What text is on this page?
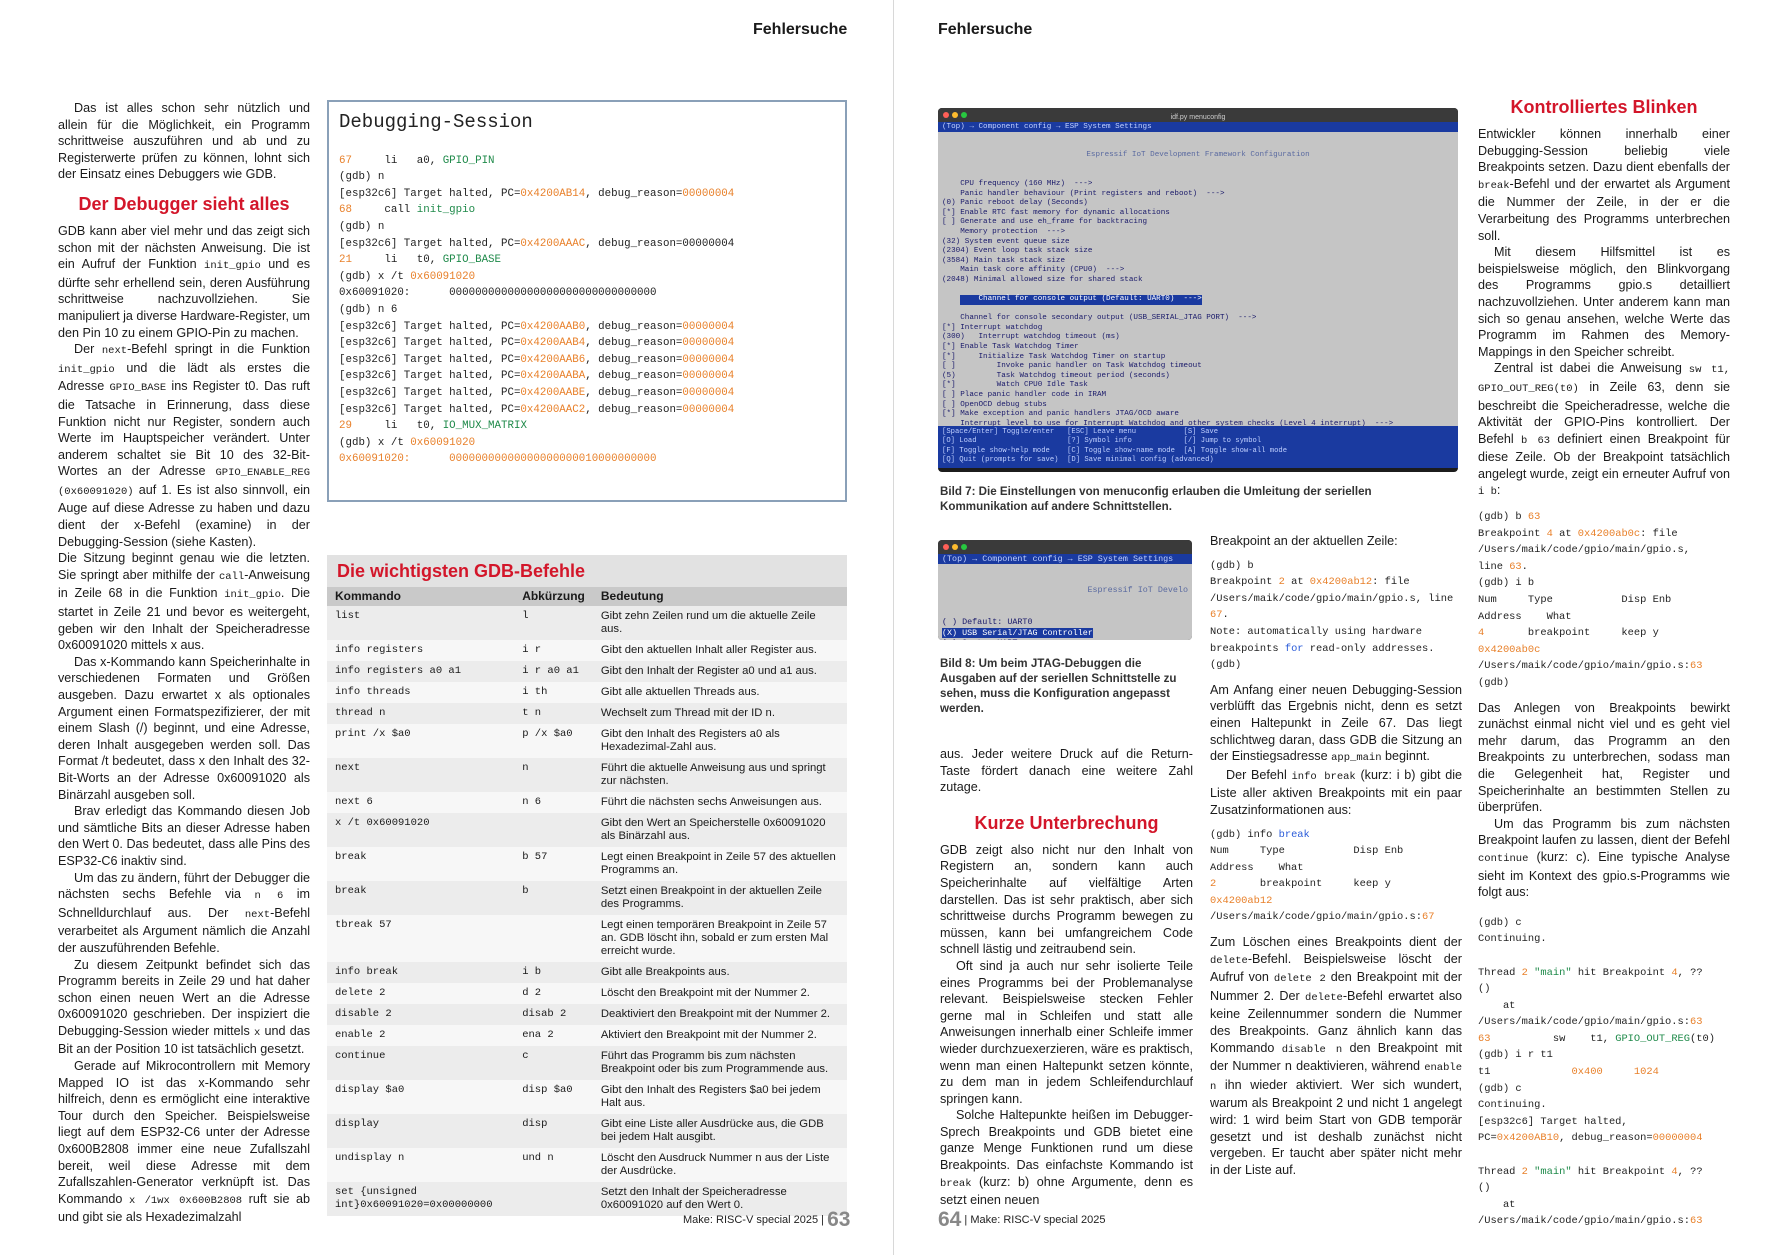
Fehlersuche

Das ist alles schon sehr nützlich und allein für die Möglichkeit, ein Programm schrittweise auszuführen und ab und zu Registerwerte prüfen zu können, lohnt sich der Einsatz eines Debuggers wie GDB.

Der Debugger sieht alles

GDB kann aber viel mehr und das zeigt sich schon mit der nächsten Anweisung. Die ist ein Aufruf der Funktion init_gpio und es dürfte sehr erhellend sein, deren Ausführung schrittweise nachzuvollziehen. Sie manipuliert ja diverse Hardware-Register, um den Pin 10 zu einem GPIO-Pin zu machen.

Der next-Befehl springt in die Funktion init_gpio und die lädt als erstes die Adresse GPIO_BASE ins Register t0. Das ruft die Tatsache in Erinnerung, dass diese Funktion nicht nur Register, sondern auch Werte im Hauptspeicher verändert. Unter anderem schaltet sie Bit 10 des 32-Bit-Wortes an der Adresse GPIO_ENABLE_REG (0x60091020) auf 1. Es ist also sinnvoll, ein Auge auf diese Adresse zu haben und dazu dient der x-Befehl (examine) in der Debugging-Session (siehe Kasten).

Die Sitzung beginnt genau wie die letzten. Sie springt aber mithilfe der call-Anweisung in Zeile 68 in die Funktion init_gpio. Die startet in Zeile 21 und bevor es weitergeht, geben wir den Inhalt der Speicheradresse 0x60091020 mittels x aus.

Das x-Kommando kann Speicherinhalte in verschiedenen Formaten und Größen ausgeben. Dazu erwartet x als optionales Argument einen Formatspezifizierer, der mit einem Slash (/) beginnt, und eine Adresse, deren Inhalt ausgegeben werden soll. Das Format /t bedeutet, dass x den Inhalt des 32-Bit-Worts an der Adresse 0x60091020 als Binärzahl ausgeben soll.

Brav erledigt das Kommando diesen Job und sämtliche Bits an dieser Adresse haben den Wert 0. Das bedeutet, dass alle Pins des ESP32-C6 inaktiv sind.

Um das zu ändern, führt der Debugger die nächsten sechs Befehle via n 6 im Schnelldurchlauf aus. Der next-Befehl verarbeitet als Argument nämlich die Anzahl der auszuführenden Befehle.

Zu diesem Zeitpunkt befindet sich das Programm bereits in Zeile 29 und hat daher schon einen neuen Wert an die Adresse 0x60091020 geschrieben. Der inspiziert die Debugging-Session wieder mittels x und das Bit an der Position 10 ist tatsächlich gesetzt.

Gerade auf Mikrocontrollern mit Memory Mapped IO ist das x-Kommando sehr hilfreich, denn es ermöglicht eine interaktive Tour durch den Speicher. Beispielsweise liegt auf dem ESP32-C6 unter der Adresse 0x600B2808 immer eine neue Zufallszahl bereit, weil diese Adresse mit dem Zufallszahlen-Generator verknüpft ist. Das Kommando x /1wx 0x600B2808 ruft sie ab und gibt sie als Hexadezimalzahl

Debugging-Session
67     li   a0, GPIO_PIN
(gdb) n
[esp32c6] Target halted, PC=0x4200AB14, debug_reason=00000004
68     call init_gpio
(gdb) n
[esp32c6] Target halted, PC=0x4200AAAC, debug_reason=00000004
21     li   t0, GPIO_BASE
(gdb) x /t 0x60091020
0x60091020:      00000000000000000000000000000000
(gdb) n 6
[esp32c6] Target halted, PC=0x4200AAB0, debug_reason=00000004
[esp32c6] Target halted, PC=0x4200AAB4, debug_reason=00000004
[esp32c6] Target halted, PC=0x4200AAB6, debug_reason=00000004
[esp32c6] Target halted, PC=0x4200AABA, debug_reason=00000004
[esp32c6] Target halted, PC=0x4200AABE, debug_reason=00000004
[esp32c6] Target halted, PC=0x4200AAC2, debug_reason=00000004
29     li   t0, IO_MUX_MATRIX
(gdb) x /t 0x60091020
0x60091020:      00000000000000000000010000000000
Die wichtigsten GDB-Befehle
Kommando	Abkürzung	Bedeutung
list	l	Gibt zehn Zeilen rund um die aktuelle Zeile aus.
info registers	i r	Gibt den aktuellen Inhalt aller Register aus.
info registers a0 a1	i r a0 a1	Gibt den Inhalt der Register a0 und a1 aus.
info threads	i th	Gibt alle aktuellen Threads aus.
thread n	t n	Wechselt zum Thread mit der ID n.
print /x $a0	p /x $a0	Gibt den Inhalt des Registers a0 als Hexadezimal-Zahl aus.
next	n	Führt die aktuelle Anweisung aus und springt zur nächsten.
next 6	n 6	Führt die nächsten sechs Anweisungen aus.
x /t 0x60091020		Gibt den Wert an Speicherstelle 0x60091020 als Binärzahl aus.
break	b 57	Legt einen Breakpoint in Zeile 57 des aktuellen Programms an.
break	b	Setzt einen Breakpoint in der aktuellen Zeile des Programms.
tbreak 57		Legt einen temporären Breakpoint in Zeile 57 an. GDB löscht ihn, sobald er zum ersten Mal erreicht wurde.
info break	i b	Gibt alle Breakpoints aus.
delete 2	d 2	Löscht den Breakpoint mit der Nummer 2.
disable 2	disab 2	Deaktiviert den Breakpoint mit der Nummer 2.
enable 2	ena 2	Aktiviert den Breakpoint mit der Nummer 2.
continue	c	Führt das Programm bis zum nächsten Breakpoint oder bis zum Programmende aus.
display $a0	disp $a0	Gibt den Inhalt des Registers $a0 bei jedem Halt aus.
display	disp	Gibt eine Liste aller Ausdrücke aus, die GDB bei jedem Halt ausgibt.
undisplay n	und n	Löscht den Ausdruck Nummer n aus der Liste der Ausdrücke.
set {unsigned int}0x60091020=0x00000000		Setzt den Inhalt der Speicheradresse 0x60091020 auf den Wert 0.
Make: RISC-V special 2025 | 63
Fehlersuche
idf.py menuconfig
(Top) → Component config → ESP System Settings

Espressif IoT Development Framework Configuration

CPU frequency (160 MHz)  --->
Panic handler behaviour (Print registers and reboot)  --->
(0) Panic reboot delay (Seconds)
[*] Enable RTC fast memory for dynamic allocations
[ ] Generate and use eh_frame for backtracing
Memory protection  --->
(32) System event queue size
(2304) Event loop task stack size
(3584) Main task stack size
Main task core affinity (CPU0)  --->
(2048) Minimal allowed size for shared stack

Channel for console output (Default: UART0)  --->

Channel for console secondary output (USB_SERIAL_JTAG PORT)  --->
[*] Interrupt watchdog
(300)   Interrupt watchdog timeout (ms)
[*] Enable Task Watchdog Timer
[*]     Initialize Task Watchdog Timer on startup
[ ]         Invoke panic handler on Task Watchdog timeout
(5)         Task Watchdog timeout period (seconds)
[*]         Watch CPU0 Idle Task
[ ] Place panic handler code in IRAM
[ ] OpenOCD debug stubs
[*] Make exception and panic handlers JTAG/OCD aware
Interrupt level to use for Interrupt Watchdog and other system checks (Level 4 interrupt)  --->

[Space/Enter] Toggle/enter   [ESC] Leave menu           [S] Save
[O] Load                     [?] Symbol info            [/] Jump to symbol
[F] Toggle show-help mode    [C] Toggle show-name mode  [A] Toggle show-all mode
[Q] Quit (prompts for save)  [D] Save minimal config (advanced)
Bild 7: Die Einstellungen von menuconfig erlauben die Umleitung der seriellen Kommunikation auf andere Schnittstellen.
(Top) → Component config → ESP System Settings

Espressif IoT Develo

( ) Default: UART0
(X) USB Serial/JTAG Controller

Bild 8: Um beim JTAG-Debuggen die Ausgaben auf der seriellen Schnittstelle zu sehen, muss die Konfiguration angepasst werden.

aus. Jeder weitere Druck auf die Return-Taste fördert danach eine weitere Zahl zutage.

Kurze Unterbrechung

GDB zeigt also nicht nur den Inhalt von Registern an, sondern kann auch Speicherinhalte auf vielfältige Arten darstellen. Das ist sehr praktisch, aber sich schrittweise durchs Programm bewegen zu müssen, kann bei umfangreichem Code schnell lästig und zeitraubend sein.

Oft sind ja auch nur sehr isolierte Teile eines Programms bei der Problemanalyse relevant. Beispielsweise stecken Fehler gerne mal in Schleifen und statt alle Anweisungen innerhalb einer Schleife immer wieder durchzuexerzieren, wäre es praktisch, wenn man einen Haltepunkt setzen könnte, zu dem man in jedem Schleifendurchlauf springen kann.

Solche Haltepunkte heißen im Debugger-Sprech Breakpoints und GDB bietet eine ganze Menge Funktionen rund um diese Breakpoints. Das einfachste Kommando ist break (kurz: b) ohne Argumente, denn es setzt einen neuen

Breakpoint an der aktuellen Zeile:

(gdb) b
Breakpoint 2 at 0x4200ab12: file
/Users/maik/code/gpio/main/gpio.s, line
67.
Note: automatically using hardware
breakpoints for read-only addresses.
(gdb)

Am Anfang einer neuen Debugging-Session verblüfft das Ergebnis nicht, denn es setzt einen Haltepunkt in Zeile 67. Das liegt schlichtweg daran, dass GDB die Sitzung an der Einstiegsadresse app_main beginnt.

Der Befehl info break (kurz: i b) gibt die Liste aller aktiven Breakpoints mit ein paar Zusatzinformationen aus:

(gdb) info break
Num     Type           Disp Enb
Address    What
2       breakpoint     keep y
0x4200ab12
/Users/maik/code/gpio/main/gpio.s:67

Zum Löschen eines Breakpoints dient der delete-Befehl. Beispielsweise löscht der Aufruf von delete 2 den Breakpoint mit der Nummer 2. Der delete-Befehl erwartet also keine Zeilennummer sondern die Nummer des Breakpoints. Ganz ähnlich kann das Kommando disable n den Breakpoint mit der Nummer n deaktivieren, während enable n ihn wieder aktiviert. Wer sich wundert, warum als Breakpoint 2 und nicht 1 angelegt wird: 1 wird beim Start von GDB temporär gesetzt und ist deshalb zunächst nicht vergeben. Er taucht aber später nicht mehr in der Liste auf.

Kontrolliertes Blinken

Entwickler können innerhalb einer Debugging-Session beliebig viele Breakpoints setzen. Dazu dient ebenfalls der break-Befehl und der erwartet als Argument die Nummer der Zeile, in der er die Verarbeitung des Programms unterbrechen soll.

Mit diesem Hilfsmittel ist es beispielsweise möglich, den Blinkvorgang des Programms gpio.s detailliert nachzuvollziehen. Unter anderem kann man sich so genau ansehen, welche Werte das Programm im Rahmen des Memory-Mappings in den Speicher schreibt.

Zentral ist dabei die Anweisung sw t1, GPIO_OUT_REG(t0) in Zeile 63, denn sie beschreibt die Speicheradresse, welche die Aktivität der GPIO-Pins kontrolliert. Der Befehl b 63 definiert einen Breakpoint für diese Zeile. Ob der Breakpoint tatsächlich angelegt wurde, zeigt ein erneuter Aufruf von i b:

(gdb) b 63
Breakpoint 4 at 0x4200ab0c: file
/Users/maik/code/gpio/main/gpio.s,
line 63.
(gdb) i b
Num     Type           Disp Enb
Address    What
4       breakpoint     keep y
0x4200ab0c
/Users/maik/code/gpio/main/gpio.s:63
(gdb)

Das Anlegen von Breakpoints bewirkt zunächst einmal nicht viel und es geht viel mehr darum, das Programm an den Breakpoints zu unterbrechen, sodass man die Gelegenheit hat, Register und Speicherinhalte an bestimmten Stellen zu überprüfen.

Um das Programm bis zum nächsten Breakpoint laufen zu lassen, dient der Befehl continue (kurz: c). Eine typische Analyse sieht im Kontext des gpio.s-Programms wie folgt aus:

(gdb) c
Continuing.

Thread 2 "main" hit Breakpoint 4, ??
()
at
/Users/maik/code/gpio/main/gpio.s:63
63          sw    t1, GPIO_OUT_REG(t0)
(gdb) i r t1
t1             0x400	1024
(gdb) c
Continuing.
[esp32c6] Target halted,
PC=0x4200AB10, debug_reason=00000004

Thread 2 "main" hit Breakpoint 4, ??
()
at
/Users/maik/code/gpio/main/gpio.s:63
64 | Make: RISC-V special 2025
